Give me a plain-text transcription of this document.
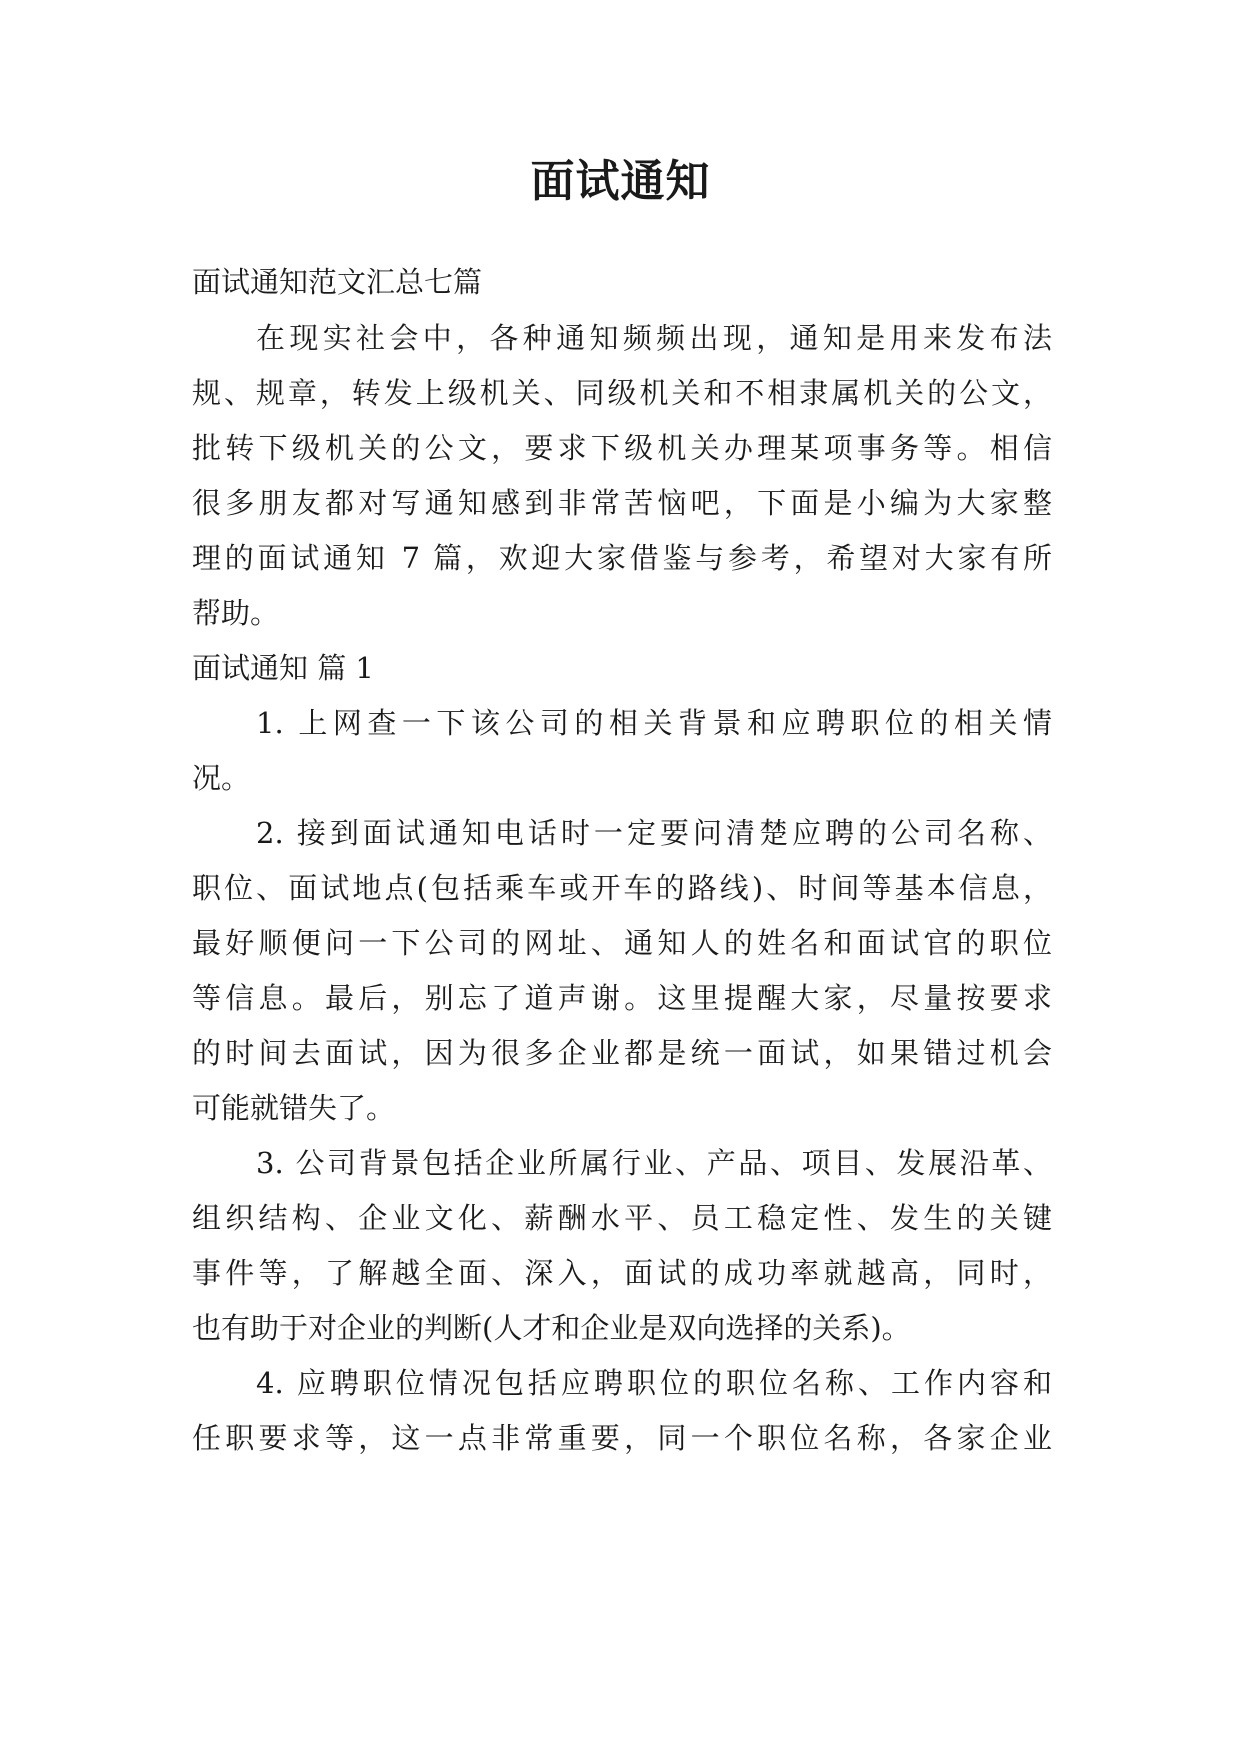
面试通知
面试通知范文汇总七篇
在现实社会中，各种通知频频出现，通知是用来发布法
规、规章，转发上级机关、同级机关和不相隶属机关的公文，
批转下级机关的公文，要求下级机关办理某项事务等。相信
很多朋友都对写通知感到非常苦恼吧，下面是小编为大家整
理的面试通知 7 篇，欢迎大家借鉴与参考，希望对大家有所
帮助。
面试通知 篇 1
1. 上网查一下该公司的相关背景和应聘职位的相关情
况。
2. 接到面试通知电话时一定要问清楚应聘的公司名称、
职位、面试地点(包括乘车或开车的路线)、时间等基本信息，
最好顺便问一下公司的网址、通知人的姓名和面试官的职位
等信息。最后，别忘了道声谢。这里提醒大家，尽量按要求
的时间去面试，因为很多企业都是统一面试，如果错过机会
可能就错失了。
3. 公司背景包括企业所属行业、产品、项目、发展沿革、
组织结构、企业文化、薪酬水平、员工稳定性、发生的关键
事件等，了解越全面、深入，面试的成功率就越高，同时，
也有助于对企业的判断(人才和企业是双向选择的关系)。
4. 应聘职位情况包括应聘职位的职位名称、工作内容和
任职要求等，这一点非常重要，同一个职位名称，各家企业
